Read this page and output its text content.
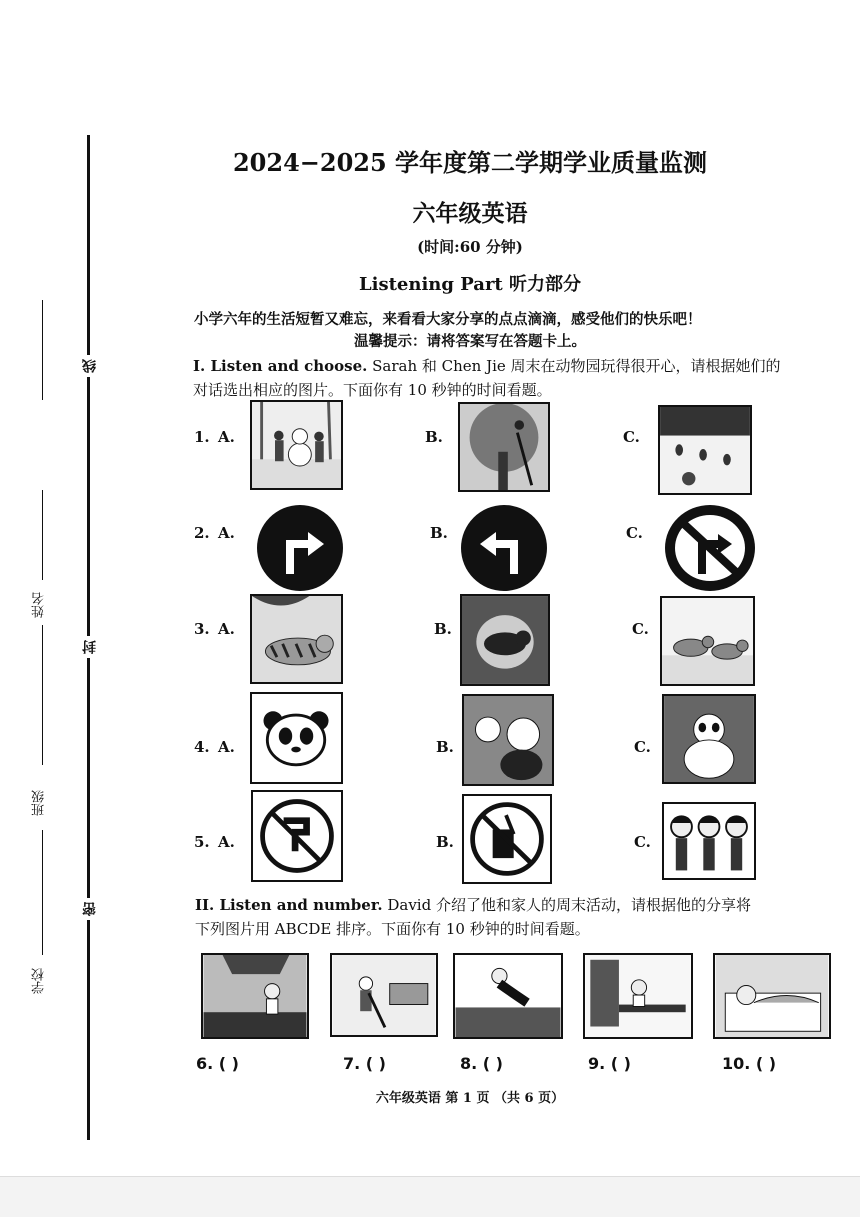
线
封
密
姓名
班级
学校
2024−2025 学年度第二学期学业质量监测
六年级英语
(时间:60 分钟)
Listening Part 听力部分
小学六年的生活短暂又难忘，来看看大家分享的点点滴滴，感受他们的快乐吧！
温馨提示：请将答案写在答题卡上。
I. Listen and choose. Sarah 和 Chen Jie 周末在动物园玩得很开心，请根据她们的
对话选出相应的图片。下面你有 10 秒钟的时间看题。
1. A.	B.	C.
2. A.	B.	C.
3. A.	B.	C.
4. A.	B.	C.
5. A.	B.	C.
II. Listen and number. David 介绍了他和家人的周末活动，请根据他的分享将
下列图片用 ABCDE 排序。下面你有 10 秒钟的时间看题。
6. ( )	7. ( )	8. ( )	9. ( )	10. ( )
六年级英语 第 1 页 （共 6 页）
